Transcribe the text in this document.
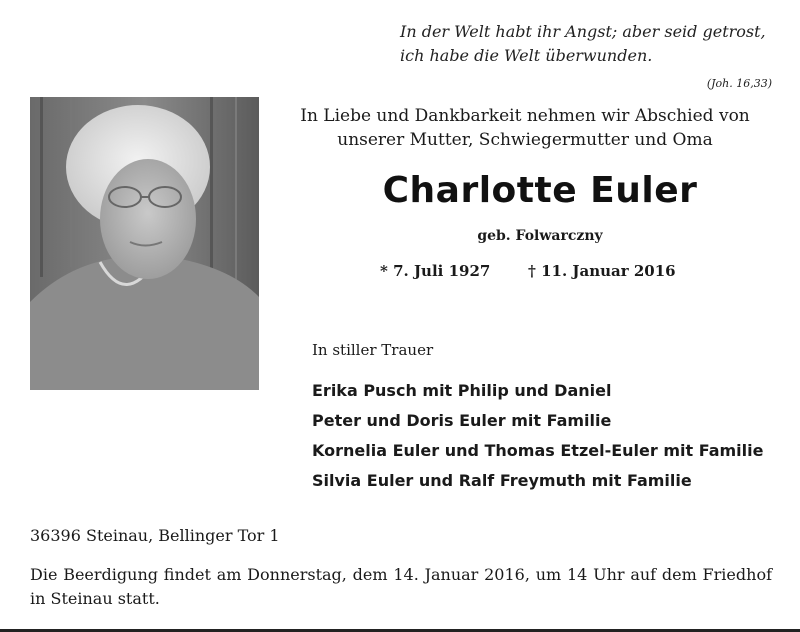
In der Welt habt ihr Angst; aber seid getrost,
ich habe die Welt überwunden.
(Joh. 16,33)
In Liebe und Dankbarkeit nehmen wir Abschied von
unserer Mutter, Schwiegermutter und Oma
Charlotte Euler
geb. Folwarczny
* 7. Juli 1927	† 11. Januar 2016
In stiller Trauer
Erika Pusch mit Philip und Daniel
Peter und Doris Euler mit Familie
Kornelia Euler und Thomas Etzel-Euler mit Familie
Silvia Euler und Ralf Freymuth mit Familie
36396 Steinau, Bellinger Tor 1
Die Beerdigung findet am Donnerstag, dem 14. Januar 2016, um 14 Uhr auf dem Friedhof in Steinau statt.
